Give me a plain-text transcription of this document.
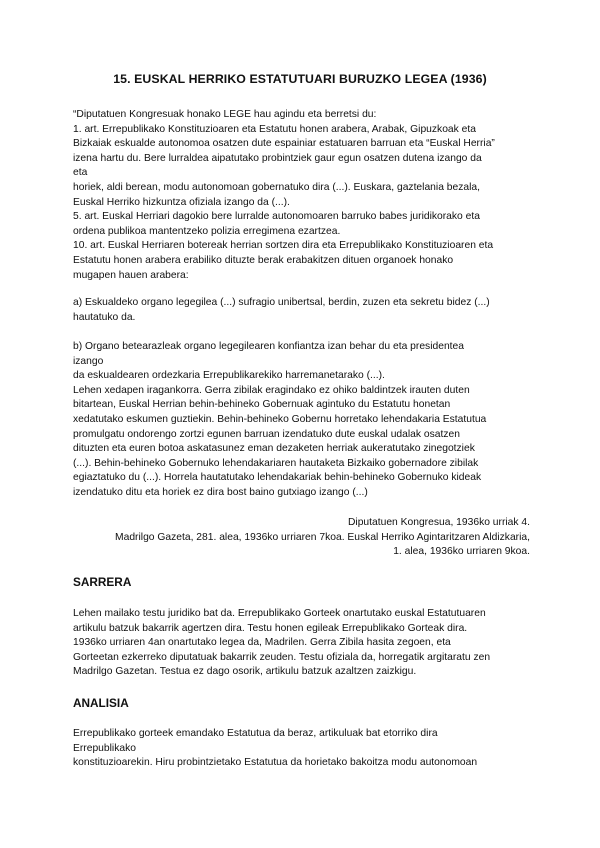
15. EUSKAL HERRIKO ESTATUTUARI BURUZKO LEGEA (1936)
“Diputatuen Kongresuak honako LEGE hau agindu eta berretsi du:
1. art. Errepublikako Konstituzioaren eta Estatutu honen arabera, Arabak, Gipuzkoak eta
Bizkaiak eskualde autonomoa osatzen dute espainiar estatuaren barruan eta “Euskal Herria”
izena hartu du. Bere lurraldea aipatutako probintziek gaur egun osatzen dutena izango da
eta
horiek, aldi berean, modu autonomoan gobernatuko dira (...). Euskara, gaztelania bezala,
Euskal Herriko hizkuntza ofiziala izango da (...).
5. art. Euskal Herriari dagokio bere lurralde autonomoaren barruko babes juridikorako eta
ordena publikoa mantentzeko polizia erregimena ezartzea.
10. art. Euskal Herriaren botereak herrian sortzen dira eta Errepublikako Konstituzioaren eta
Estatutu honen arabera erabiliko dituzte berak erabakitzen dituen organoek honako
mugapen hauen arabera:
a) Eskualdeko organo legegilea (...) sufragio unibertsal, berdin, zuzen eta sekretu bidez (...)
hautatuko da.
b) Organo betearazleak organo legegilearen konfiantza izan behar du eta presidentea
izango
da eskualdearen ordezkaria Errepublikarekiko harremanetarako (...).
Lehen xedapen iragankorra. Gerra zibilak eragindako ez ohiko baldintzek irauten duten
bitartean, Euskal Herrian behin-behineko Gobernuak agintuko du Estatutu honetan
xedatutako eskumen guztiekin. Behin-behineko Gobernu horretako lehendakaria Estatutua
promulgatu ondorengo zortzi egunen barruan izendatuko dute euskal udalak osatzen
dituzten eta euren botoa askatasunez eman dezaketen herriak aukeratutako zinegotziek
(...). Behin-behineko Gobernuko lehendakariaren hautaketa Bizkaiko gobernadore zibilak
egiaztatuko du (...). Horrela hautatutako lehendakariak behin-behineko Gobernuko kideak
izendatuko ditu eta horiek ez dira bost baino gutxiago izango (...)
Diputatuen Kongresua, 1936ko urriak 4.
Madrilgo Gazeta, 281. alea, 1936ko urriaren 7koa. Euskal Herriko Agintaritzaren Aldizkaria,
1. alea, 1936ko urriaren 9koa.
SARRERA
Lehen mailako testu juridiko bat da. Errepublikako Gorteek onartutako euskal Estatutuaren
artikulu batzuk bakarrik agertzen dira. Testu honen egileak Errepublikako Gorteak dira.
1936ko urriaren 4an onartutako legea da, Madrilen. Gerra Zibila hasita zegoen, eta
Gorteetan ezkerreko diputatuak bakarrik zeuden. Testu ofiziala da, horregatik argitaratu zen
Madrilgo Gazetan. Testua ez dago osorik, artikulu batzuk azaltzen zaizkigu.
ANALISIA
Errepublikako gorteek emandako Estatutua da beraz, artikuluak bat etorriko dira
Errepublikako
konstituzioarekin. Hiru probintzietako Estatutua da horietako bakoitza modu autonomoan
